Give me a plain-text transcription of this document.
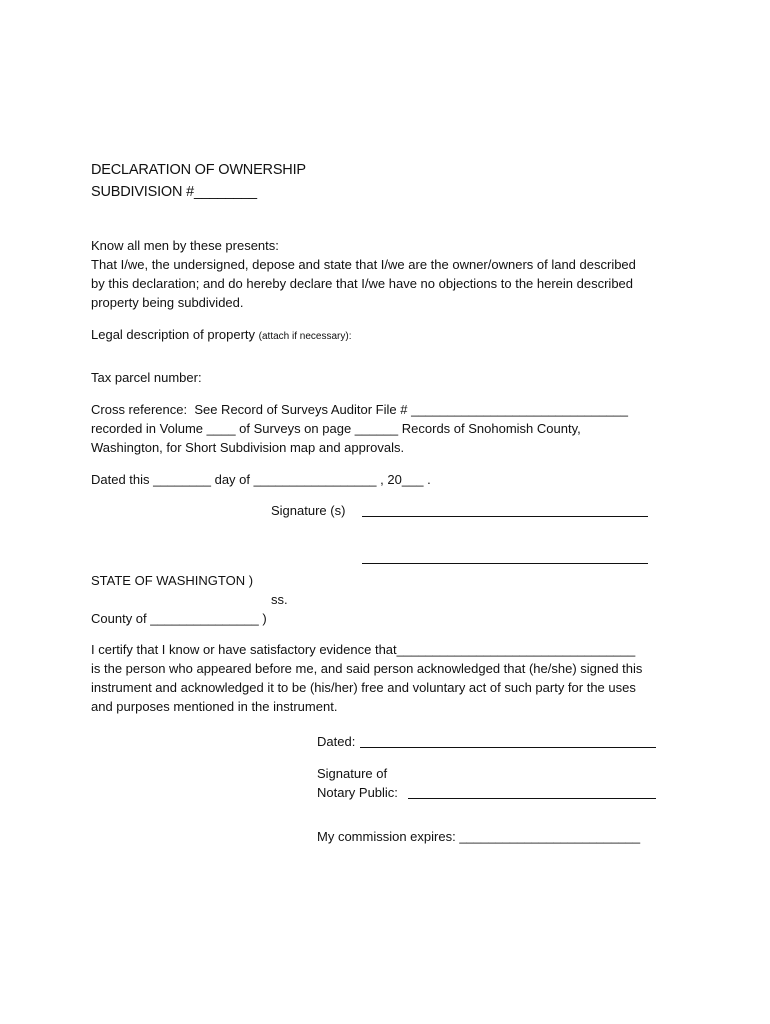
DECLARATION OF OWNERSHIP

SUBDIVISION #________

Know all men by these presents:

That I/we, the undersigned, depose and state that I/we are the owner/owners of land described

by this declaration; and do hereby declare that I/we have no objections to the herein described

property being subdivided.

Legal description of property (attach if necessary):

Tax parcel number:

Cross reference:  See Record of Surveys Auditor File # ______________________________

recorded in Volume ____ of Surveys on page ______ Records of Snohomish County,

Washington, for Short Subdivision map and approvals.

Dated this ________ day of _________________ , 20___ .

Signature (s)

STATE OF WASHINGTON )

ss.

County of _______________ )

I certify that I know or have satisfactory evidence that_________________________________

is the person who appeared before me, and said person acknowledged that (he/she) signed this

instrument and acknowledged it to be (his/her) free and voluntary act of such party for the uses

and purposes mentioned in the instrument.

Dated:

Signature of

Notary Public:

My commission expires: _________________________
